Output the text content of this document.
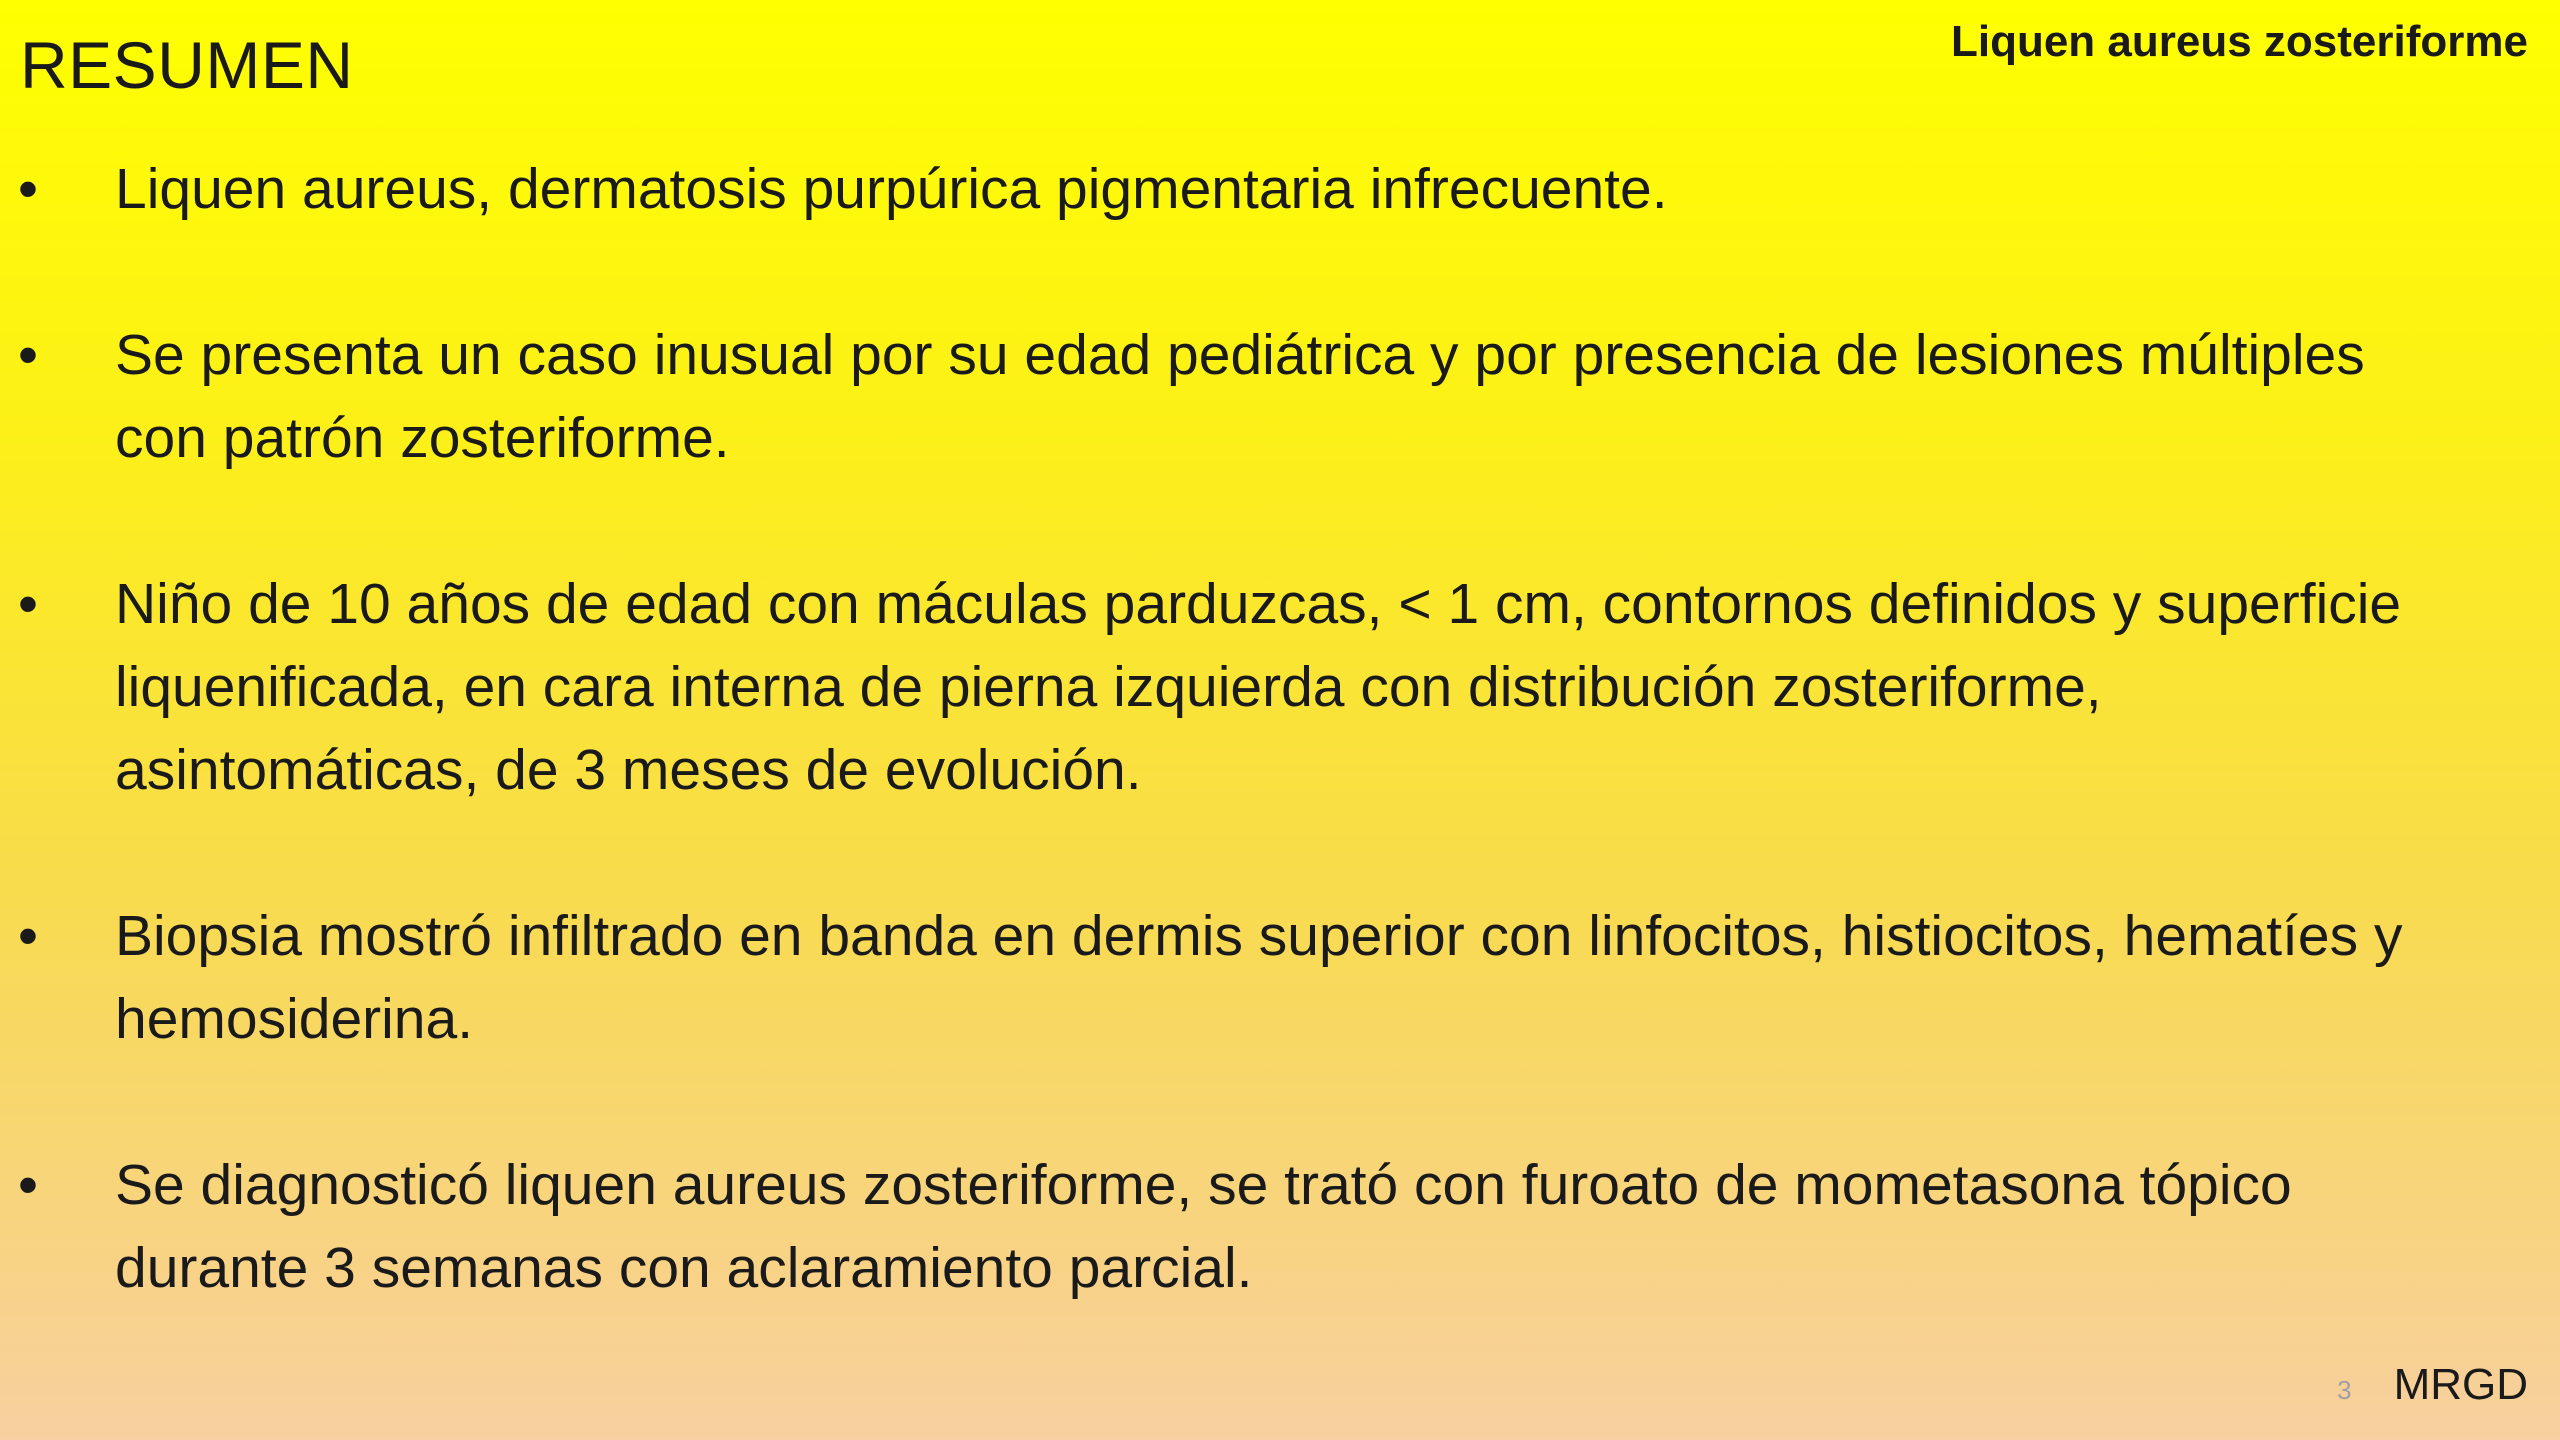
RESUMEN	Liquen aureus zosteriforme
•	Liquen aureus, dermatosis purpúrica pigmentaria infrecuente.
•	Se presenta un caso inusual por su edad pediátrica y por presencia de lesiones múltiples con patrón zosteriforme.
•	Niño de 10 años de edad con máculas parduzcas, < 1 cm, contornos definidos y superficie liquenificada, en cara interna de pierna izquierda con distribución zosteriforme, asintomáticas, de 3 meses de evolución.
•	Biopsia mostró infiltrado en banda en dermis superior con linfocitos, histiocitos, hematíes y hemosiderina.
•	Se diagnosticó liquen aureus zosteriforme, se trató con furoato de mometasona tópico durante 3 semanas con aclaramiento parcial.
3 MRGD
